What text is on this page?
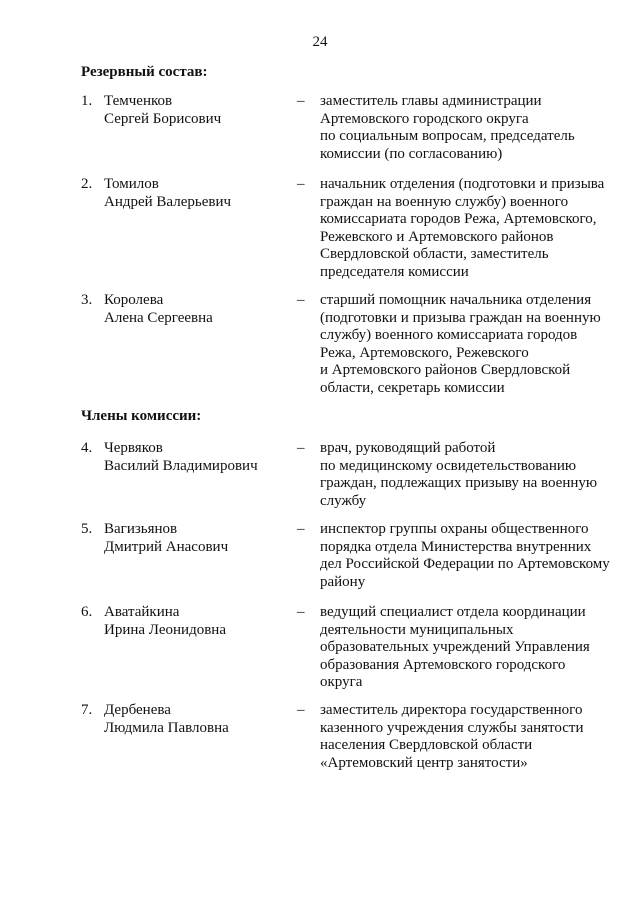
24
Резервный состав:
1. Темченков
Сергей Борисович
– заместитель главы администрации
Артемовского городского округа
по социальным вопросам, председатель
комиссии (по согласованию)
2. Томилов
Андрей Валерьевич
– начальник отделения (подготовки и призыва
граждан на военную службу) военного
комиссариата городов Режа, Артемовского,
Режевского и Артемовского районов
Свердловской области, заместитель
председателя комиссии
3. Королева
Алена Сергеевна
– старший помощник начальника отделения
(подготовки и призыва граждан на военную
службу) военного комиссариата городов
Режа, Артемовского, Режевского
и Артемовского районов Свердловской
области, секретарь комиссии
Члены комиссии:
4. Червяков
Василий Владимирович
– врач, руководящий работой
по медицинскому освидетельствованию
граждан, подлежащих призыву на военную
службу
5. Вагизьянов
Дмитрий Анасович
– инспектор группы охраны общественного
порядка отдела Министерства внутренних
дел Российской Федерации по Артемовскому
району
6. Аватайкина
Ирина Леонидовна
– ведущий специалист отдела координации
деятельности муниципальных
образовательных учреждений Управления
образования Артемовского городского
округа
7. Дербенева
Людмила Павловна
– заместитель директора государственного
казенного учреждения службы занятости
населения Свердловской области
«Артемовский центр занятости»
